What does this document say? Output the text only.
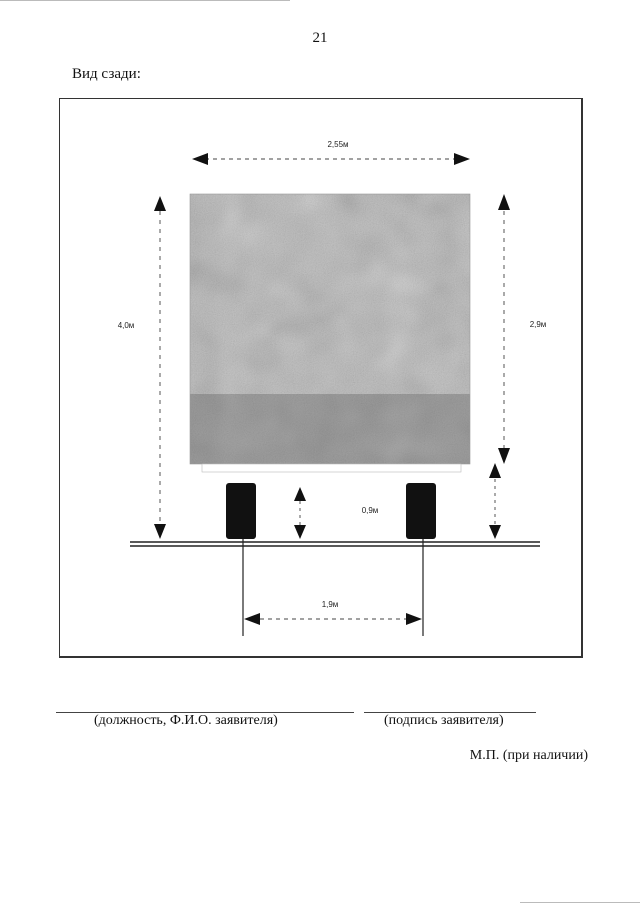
21
Вид сзади:
2,55м
4,0м	2,9м
0,9м
1,9м
(должность, Ф.И.О. заявителя)	(подпись заявителя)
М.П. (при наличии)
